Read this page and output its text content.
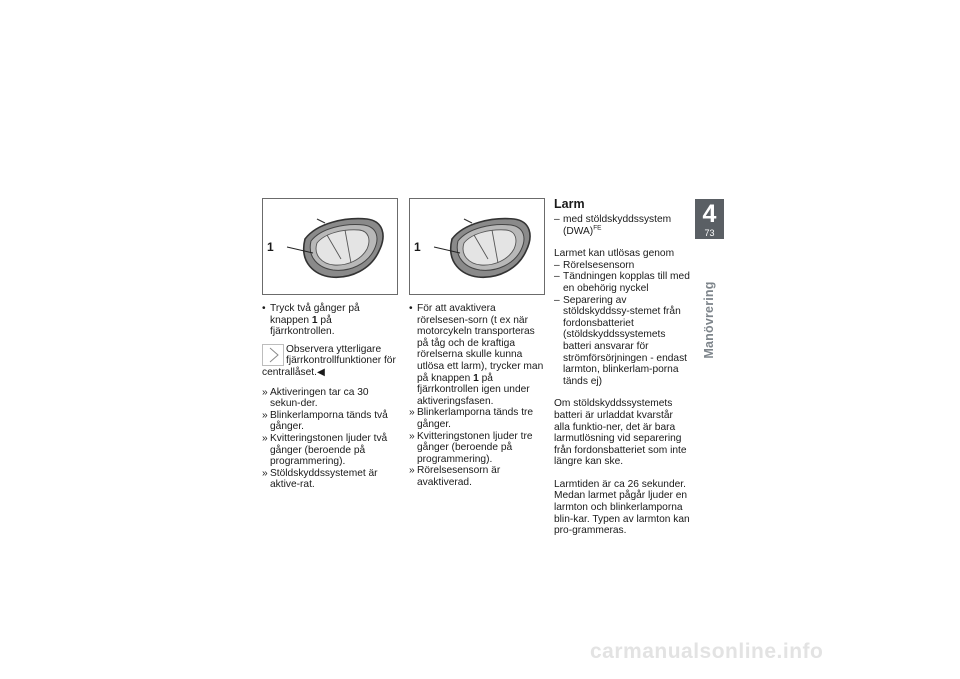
1
• Tryck två gånger på knappen 1 på fjärrkontrollen.
Observera ytterligare fjärrkontrollfunktioner för
centrallåset.◀
» Aktiveringen tar ca 30 sekun-der.
» Blinkerlamporna tänds två gånger.
» Kvitteringstonen ljuder två gånger (beroende på programmering).
» Stöldskyddssystemet är aktive-rat.
1
• För att avaktivera rörelsesen-sorn (t ex när motorcykeln transporteras på tåg och de kraftiga rörelserna skulle kunna utlösa ett larm), trycker man på knappen 1 på fjärrkontrollen igen under aktiveringsfasen.
» Blinkerlamporna tänds tre gånger.
» Kvitteringstonen ljuder tre gånger (beroende på programmering).
» Rörelsesensorn är avaktiverad.
Larm
– med stöldskyddssystem (DWA)$^{FE}$
Larmet kan utlösas genom
– Rörelsesensorn
– Tändningen kopplas till med en obehörig nyckel
– Separering av stöldskyddssy-stemet från fordonsbatteriet (stöldskyddssystemets batteri ansvarar för strömförsörjningen - endast larmton, blinkerlam-porna tänds ej)
Om stöldskyddssystemets batteri är urladdat kvarstår alla funktio-ner, det är bara larmutlösning vid separering från fordonsbatteriet som inte längre kan ske.
Larmtiden är ca 26 sekunder. Medan larmet pågår ljuder en larmton och blinkerlamporna blin-kar. Typen av larmton kan pro-grammeras.
4
73
Manövrering
carmanualsonline.info
